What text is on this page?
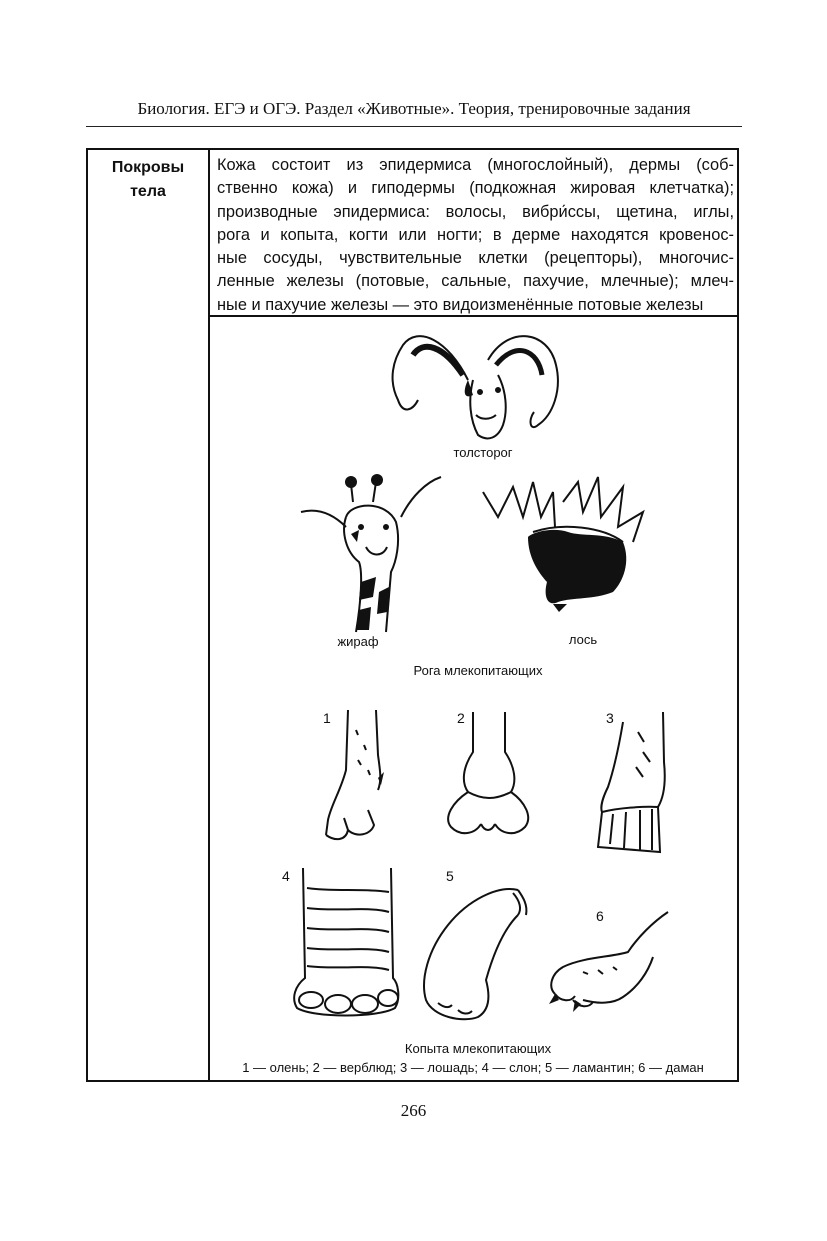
Биология. ЕГЭ и ОГЭ. Раздел «Животные». Теория, тренировочные задания
Покровы
тела
Кожа состоит из эпидермиса (многослойный), дермы (соб-
ственно кожа) и гиподермы (подкожная жировая клетчатка);
производные эпидермиса: волосы, вибри́ссы, щетина, иглы,
рога и копыта, когти или ногти; в дерме находятся кровенос-
ные сосуды, чувствительные клетки (рецепторы), многочис-
ленные железы (потовые, сальные, пахучие, млечные); млеч-
ные и пахучие железы — это видоизменённые потовые железы
толсторог
жираф	лось
Рога млекопитающих
1	2	3
4	5
6
Копыта млекопитающих
1 — олень; 2 — верблюд; 3 — лошадь; 4 — слон; 5 — ламантин; 6 — даман
266
